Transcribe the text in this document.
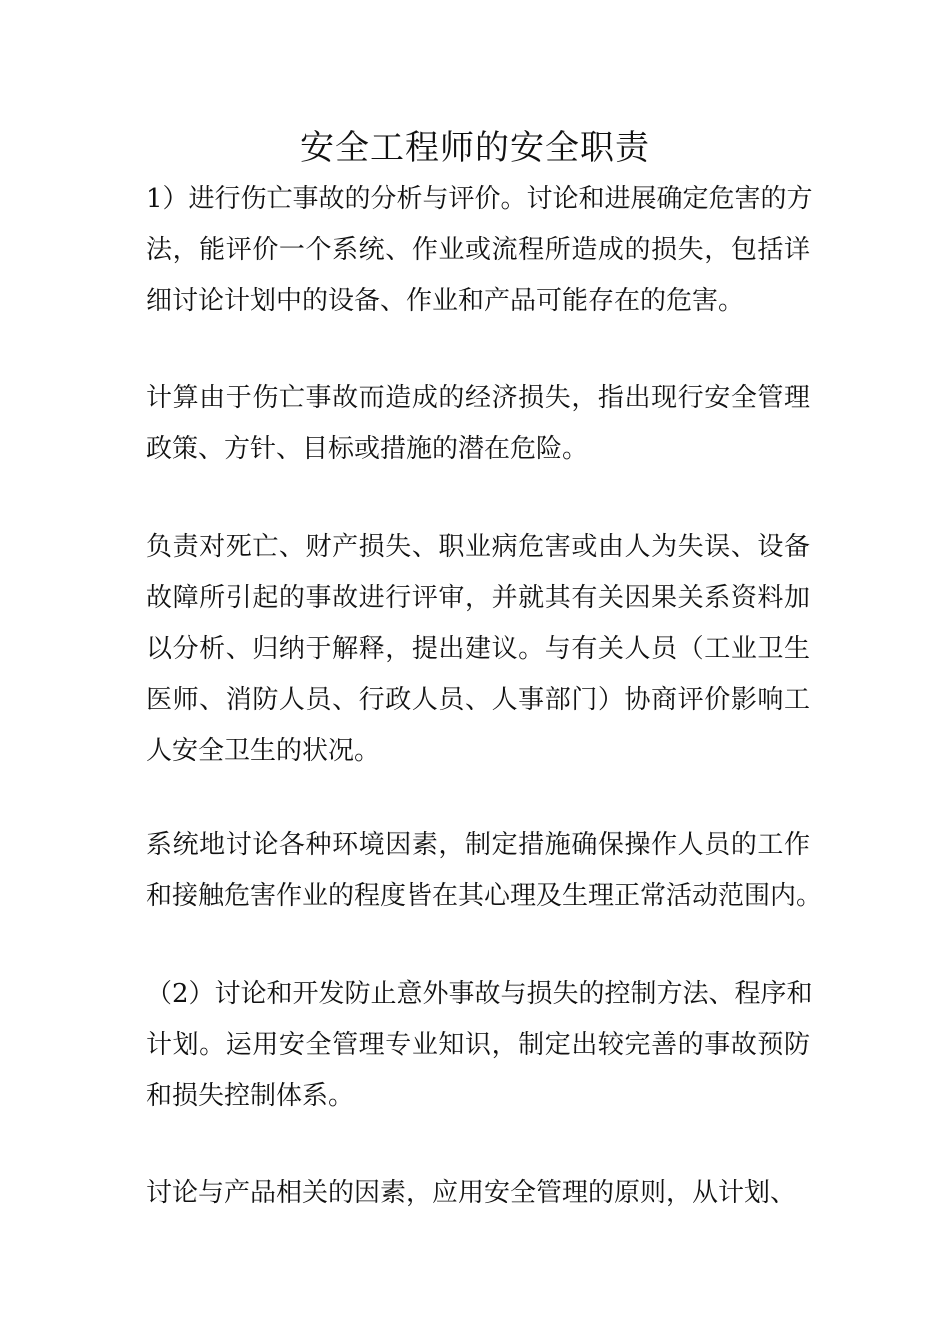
安全工程师的安全职责

1）进行伤亡事故的分析与评价。讨论和进展确定危害的方
法，能评价一个系统、作业或流程所造成的损失，包括详
细讨论计划中的设备、作业和产品可能存在的危害。

计算由于伤亡事故而造成的经济损失，指出现行安全管理
政策、方针、目标或措施的潜在危险。

负责对死亡、财产损失、职业病危害或由人为失误、设备
故障所引起的事故进行评审，并就其有关因果关系资料加
以分析、归纳于解释，提出建议。与有关人员（工业卫生
医师、消防人员、行政人员、人事部门）协商评价影响工
人安全卫生的状况。

系统地讨论各种环境因素，制定措施确保操作人员的工作
和接触危害作业的程度皆在其心理及生理正常活动范围内。

（2）讨论和开发防止意外事故与损失的控制方法、程序和
计划。运用安全管理专业知识，制定出较完善的事故预防
和损失控制体系。

讨论与产品相关的因素，应用安全管理的原则，从计划、
